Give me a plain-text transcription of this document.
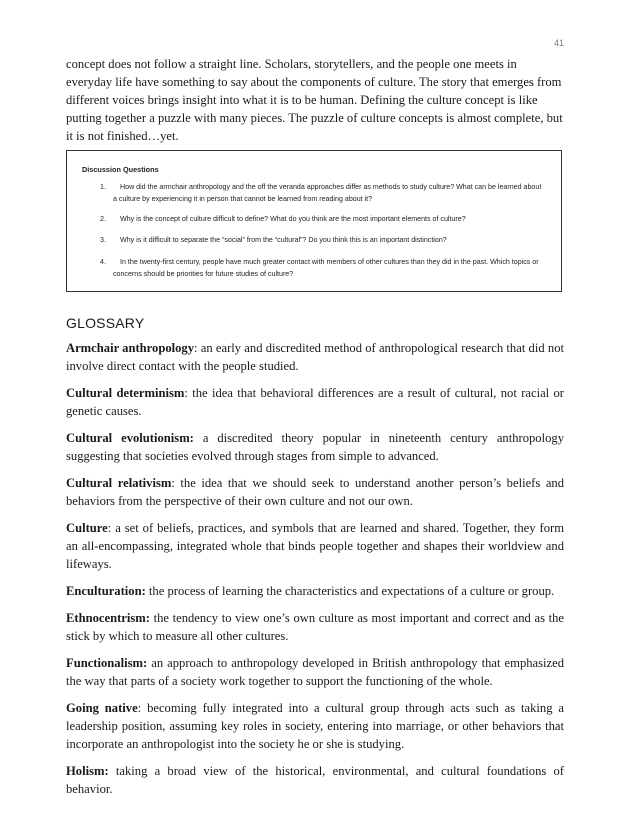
41

concept does not follow a straight line. Scholars, storytellers, and the people one meets in everyday life have something to say about the components of culture. The story that emerges from different voices brings insight into what it is to be human. Defining the culture concept is like putting together a puzzle with many pieces. The puzzle of culture concepts is almost complete, but it is not finished…yet.

Discussion Questions

1.	How did the armchair anthropology and the off the veranda approaches differ as methods to study culture? What can be learned about a culture by experiencing it in person that cannot be learned from reading about it?
2.	Why is the concept of culture difficult to define? What do you think are the most important elements of culture?
3.	Why is it difficult to separate the “social” from the “cultural”? Do you think this is an important distinction?
4.	In the twenty-first century, people have much greater contact with members of other cultures than they did in the past. Which topics or concerns should be priorities for future studies of culture?
GLOSSARY
Armchair anthropology: an early and discredited method of anthropological research that did not involve direct contact with the people studied.
Cultural determinism: the idea that behavioral differences are a result of cultural, not racial or genetic causes.
Cultural evolutionism: a discredited theory popular in nineteenth century anthropology suggesting that societies evolved through stages from simple to advanced.
Cultural relativism: the idea that we should seek to understand another person’s beliefs and behaviors from the perspective of their own culture and not our own.
Culture: a set of beliefs, practices, and symbols that are learned and shared. Together, they form an all-encompassing, integrated whole that binds people together and shapes their worldview and lifeways.
Enculturation: the process of learning the characteristics and expectations of a culture or group.
Ethnocentrism: the tendency to view one’s own culture as most important and correct and as the stick by which to measure all other cultures.
Functionalism: an approach to anthropology developed in British anthropology that emphasized the way that parts of a society work together to support the functioning of the whole.
Going native: becoming fully integrated into a cultural group through acts such as taking a leadership position, assuming key roles in society, entering into marriage, or other behaviors that incorporate an anthropologist into the society he or she is studying.
Holism: taking a broad view of the historical, environmental, and cultural foundations of behavior.
